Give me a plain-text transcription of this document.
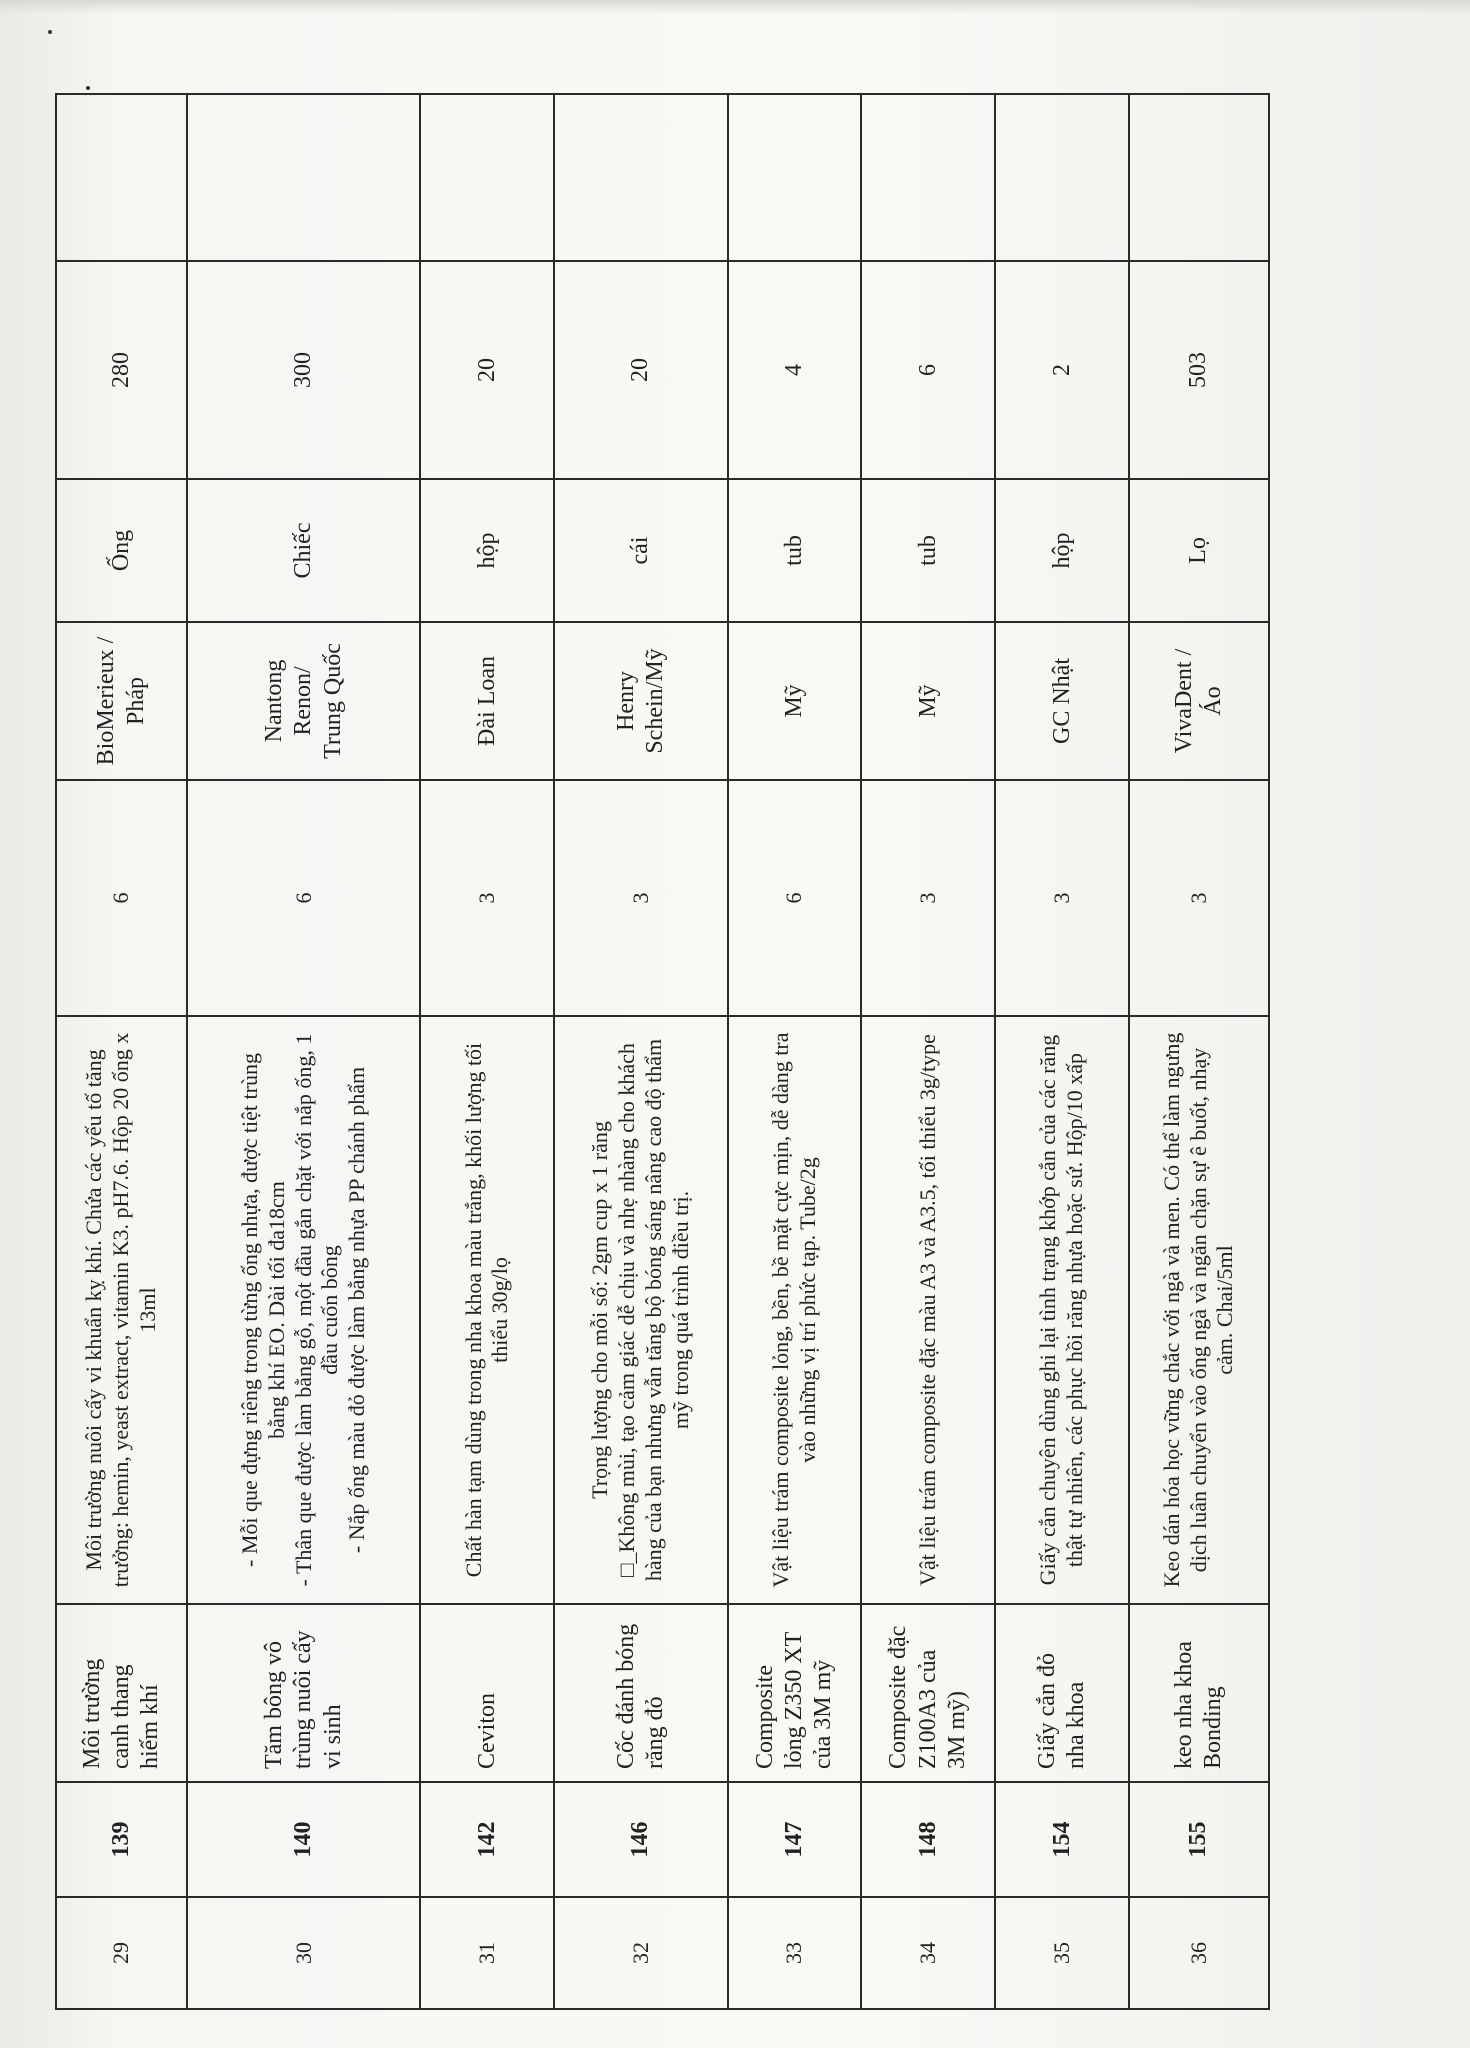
29	139	Môi trường canh thang hiếm khí	Môi trường nuôi cấy vi khuẩn kỵ khí. Chứa các yếu tố tăng trưởng: hemin, yeast extract, vitamin K3. pH7.6. Hộp 20 ống x 13ml	6	BioMerieux / Pháp	Ống	280	
30	140	Tăm bông vô trùng nuôi cấy vi sinh	- Mỗi que đựng riêng trong từng ống nhựa, được tiệt trùng bằng khí EO. Dài tối đa18cm - Thân que được làm bằng gỗ, một đầu gắn chặt với nắp ống, 1 đầu cuốn bông - Nắp ống màu đỏ được làm bằng nhựa PP chánh phẩm	6	Nantong Renon/ Trung Quốc	Chiếc	300	
31	142	Ceviton	Chất hàn tạm dùng trong nha khoa màu trắng, khối lượng tối thiểu 30g/lọ	3	Đài Loan	hộp	20	
32	146	Cốc đánh bóng răng đỏ	Trọng lượng cho mỗi số: 2gm cup x 1 răng □_Không mùi, tạo cảm giác dễ chịu và nhẹ nhàng cho khách hàng của bạn nhưng vẫn tăng bộ bóng sáng nâng cao độ thẩm mỹ trong quá trình điều trị.	3	Henry Schein/Mỹ	cái	20	
33	147	Composite lỏng Z350 XT của 3M mỹ	Vật liệu trám composite lỏng, bền, bề mặt cực mịn, dễ dàng tra vào những vị trí phức tạp. Tube/2g	6	Mỹ	tub	4	
34	148	Composite đặc Z100A3 của 3M mỹ)	Vật liệu trám composite đặc màu A3 và A3.5, tối thiểu 3g/type	3	Mỹ	tub	6	
35	154	Giấy cắn đỏ nha khoa	Giấy cắn chuyên dùng ghi lại tình trạng khớp cắn của các răng thật tự nhiên, các phục hồi răng nhựa hoặc sứ. Hộp/10 xấp	3	GC Nhật	hộp	2	
36	155	keo nha khoa Bonding	Keo dán hóa học vững chắc với ngà và men. Có thể làm ngưng dịch luân chuyển vào ống ngà và ngăn chặn sự ê buốt, nhạy cảm. Chai/5ml	3	VivaDent /Áo	Lọ	503	
